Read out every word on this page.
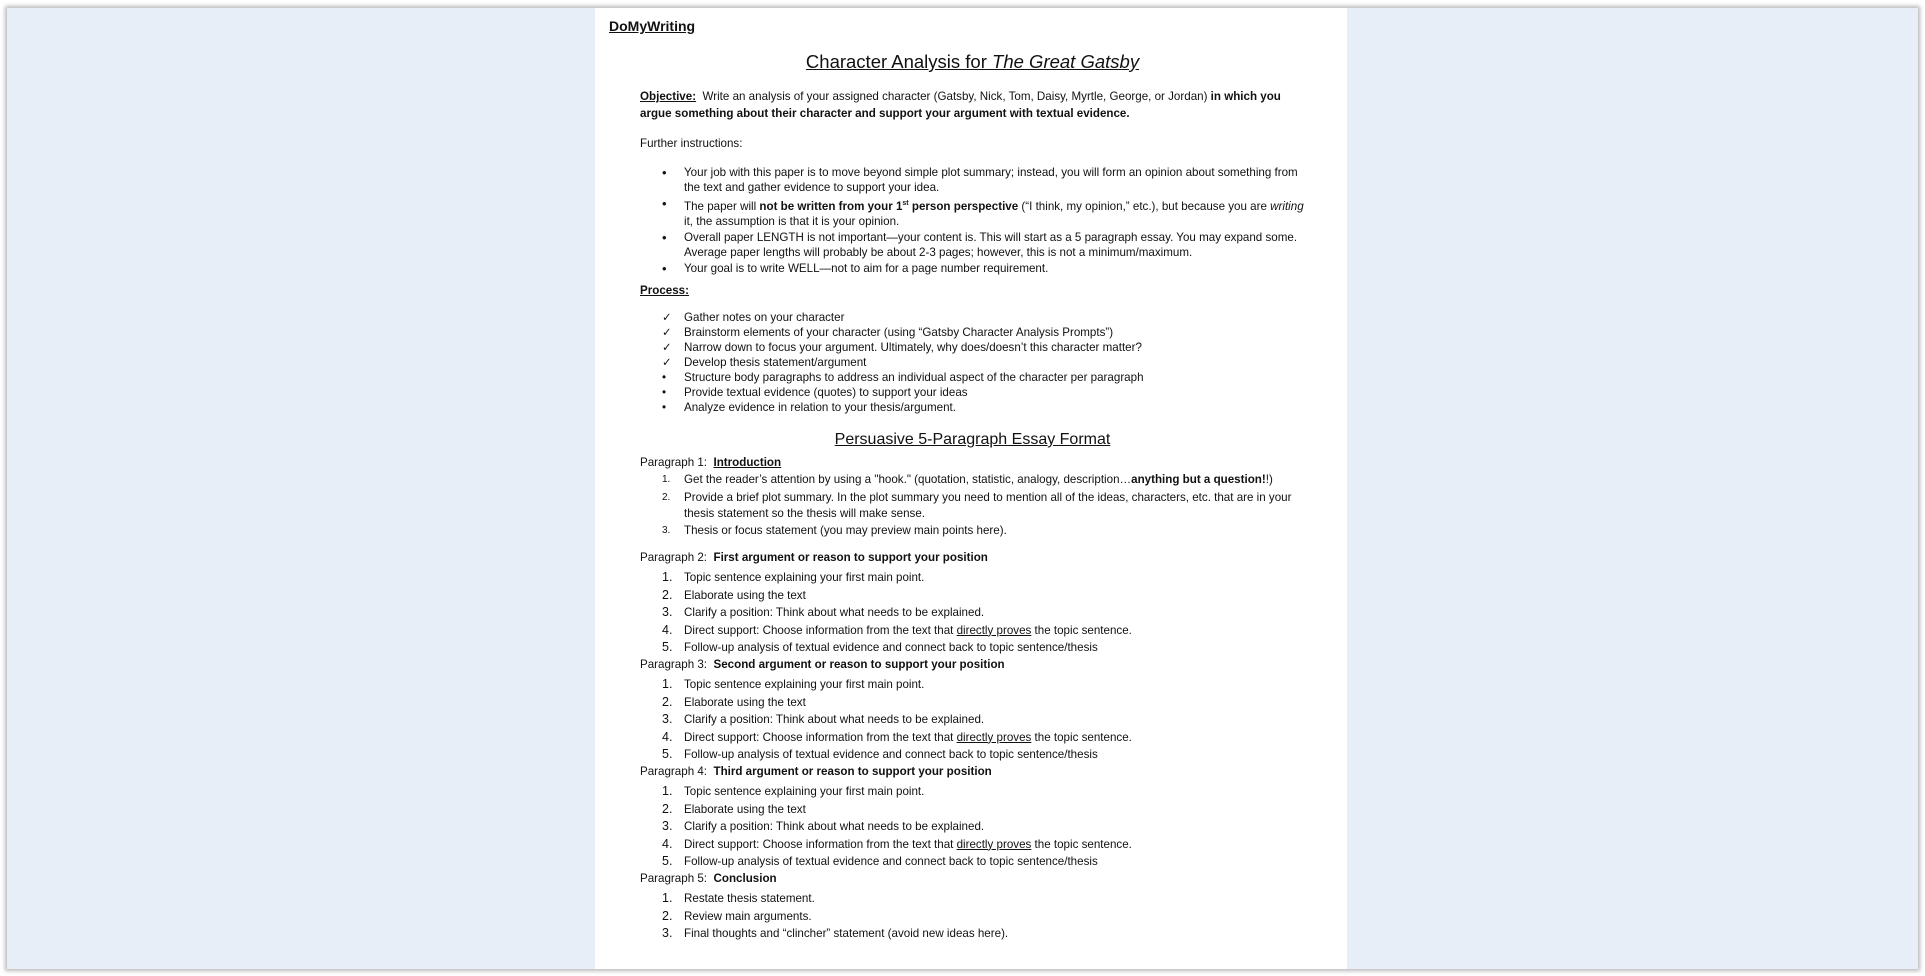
DoMyWriting
Character Analysis for The Great Gatsby
Objective:  Write an analysis of your assigned character (Gatsby, Nick, Tom, Daisy, Myrtle, George, or Jordan) in which you argue something about their character and support your argument with textual evidence.
Further instructions:
•
Your job with this paper is to move beyond simple plot summary; instead, you will form an opinion about something from the text and gather evidence to support your idea.
•
The paper will not be written from your 1st person perspective (“I think, my opinion,” etc.), but because you are writing it, the assumption is that it is your opinion.
•
Overall paper LENGTH is not important—your content is. This will start as a 5 paragraph essay. You may expand some. Average paper lengths will probably be about 2-3 pages; however, this is not a minimum/maximum.
•
Your goal is to write WELL—not to aim for a page number requirement.
Process:
✓	Gather notes on your character
✓	Brainstorm elements of your character (using “Gatsby Character Analysis Prompts”)
✓	Narrow down to focus your argument. Ultimately, why does/doesn’t this character matter?
✓	Develop thesis statement/argument
•	Structure body paragraphs to address an individual aspect of the character per paragraph
•	Provide textual evidence (quotes) to support your ideas
•	Analyze evidence in relation to your thesis/argument.
Persuasive 5-Paragraph Essay Format
Paragraph 1:  Introduction
1. Get the reader’s attention by using a "hook." (quotation, statistic, analogy, description…anything but a question!!)
2. Provide a brief plot summary. In the plot summary you need to mention all of the ideas, characters, etc. that are in your thesis statement so the thesis will make sense.
3. Thesis or focus statement (you may preview main points here).
Paragraph 2:  First argument or reason to support your position
1. Topic sentence explaining your first main point.
2. Elaborate using the text
3. Clarify a position: Think about what needs to be explained.
4. Direct support: Choose information from the text that directly proves the topic sentence.
5. Follow-up analysis of textual evidence and connect back to topic sentence/thesis
Paragraph 3:  Second argument or reason to support your position
1. Topic sentence explaining your first main point.
2. Elaborate using the text
3. Clarify a position: Think about what needs to be explained.
4. Direct support: Choose information from the text that directly proves the topic sentence.
5. Follow-up analysis of textual evidence and connect back to topic sentence/thesis
Paragraph 4:  Third argument or reason to support your position
1. Topic sentence explaining your first main point.
2. Elaborate using the text
3. Clarify a position: Think about what needs to be explained.
4. Direct support: Choose information from the text that directly proves the topic sentence.
5. Follow-up analysis of textual evidence and connect back to topic sentence/thesis
Paragraph 5:  Conclusion
1. Restate thesis statement.
2. Review main arguments.
3. Final thoughts and “clincher” statement (avoid new ideas here).
